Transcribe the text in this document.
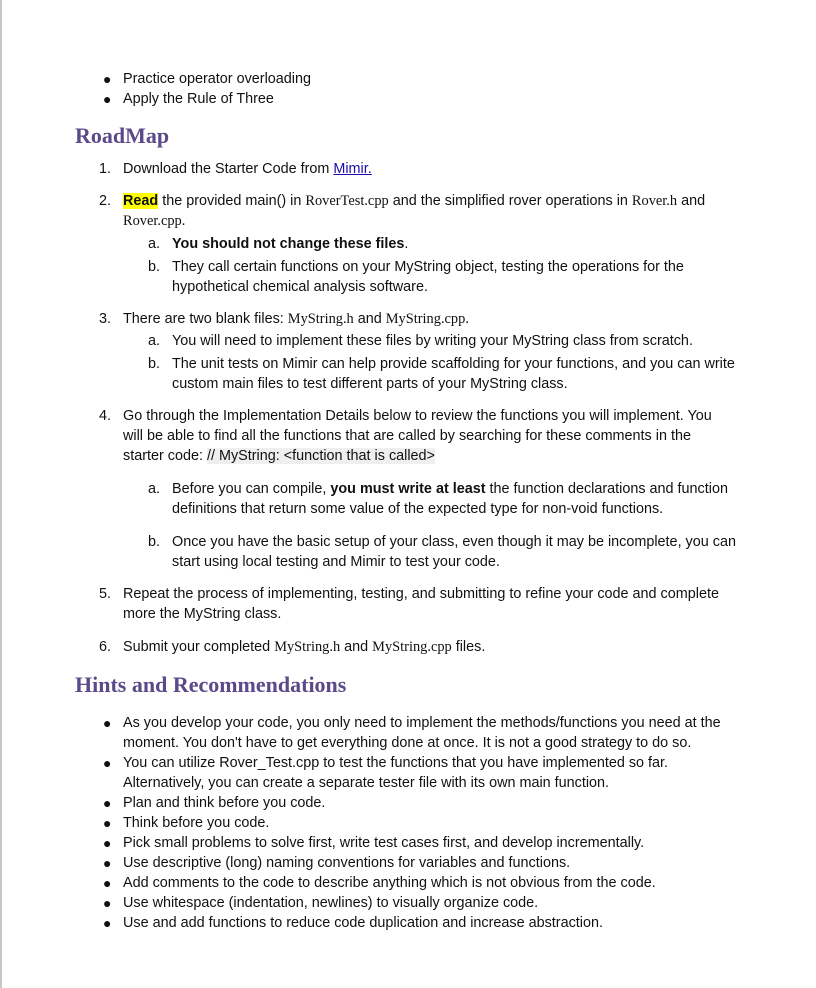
● Practice operator overloading
● Apply the Rule of Three
RoadMap
1. Download the Starter Code from Mimir.
2. Read the provided main() in RoverTest.cpp and the simplified rover operations in Rover.h and
Rover.cpp.
a. You should not change these files.
b. They call certain functions on your MyString object, testing the operations for the
hypothetical chemical analysis software.
3. There are two blank files: MyString.h and MyString.cpp.
a. You will need to implement these files by writing your MyString class from scratch.
b. The unit tests on Mimir can help provide scaffolding for your functions, and you can write
custom main files to test different parts of your MyString class.
4. Go through the Implementation Details below to review the functions you will implement. You
will be able to find all the functions that are called by searching for these comments in the
starter code: // MyString: <function that is called>
a. Before you can compile, you must write at least the function declarations and function
definitions that return some value of the expected type for non-void functions.
b. Once you have the basic setup of your class, even though it may be incomplete, you can
start using local testing and Mimir to test your code.
5. Repeat the process of implementing, testing, and submitting to refine your code and complete
more the MyString class.
6. Submit your completed MyString.h and MyString.cpp files.
Hints and Recommendations
● As you develop your code, you only need to implement the methods/functions you need at the
moment. You don't have to get everything done at once. It is not a good strategy to do so.
● You can utilize Rover_Test.cpp to test the functions that you have implemented so far.
Alternatively, you can create a separate tester file with its own main function.
● Plan and think before you code.
● Think before you code.
● Pick small problems to solve first, write test cases first, and develop incrementally.
● Use descriptive (long) naming conventions for variables and functions.
● Add comments to the code to describe anything which is not obvious from the code.
● Use whitespace (indentation, newlines) to visually organize code.
● Use and add functions to reduce code duplication and increase abstraction.
